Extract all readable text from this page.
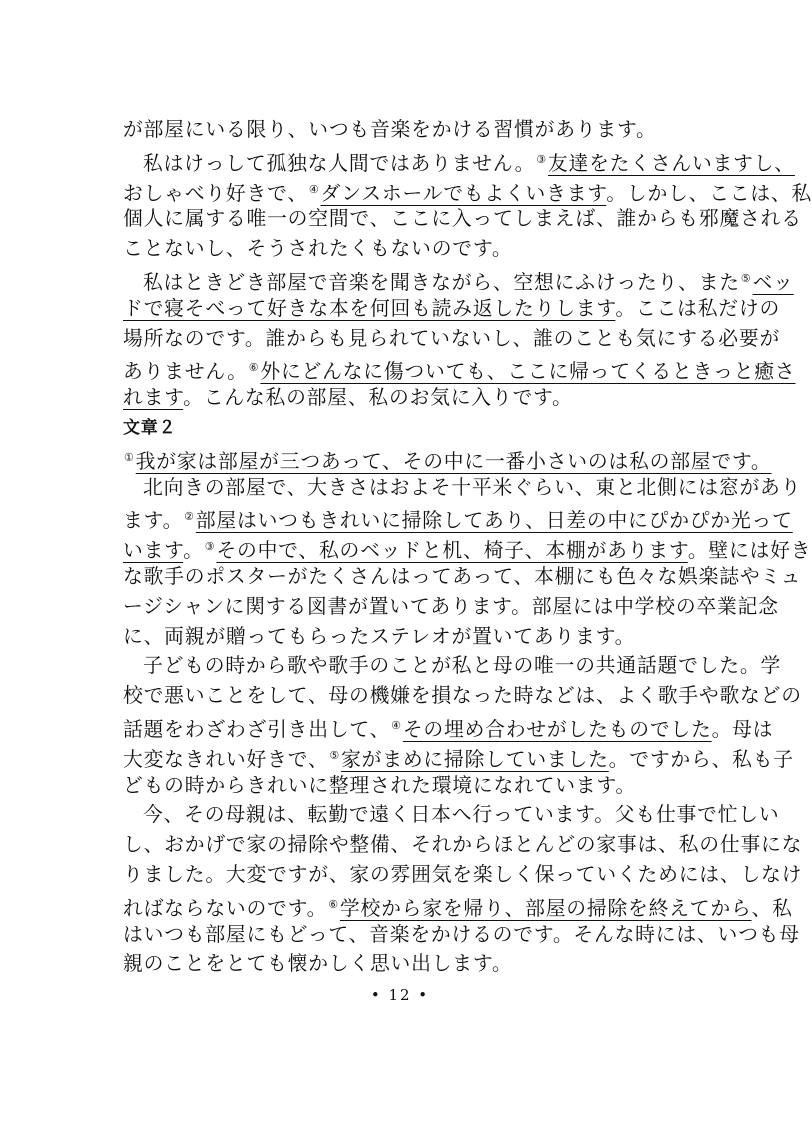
が部屋にいる限り、いつも音楽をかける習慣があります。
私はけっして孤独な人間ではありません。③友達をたくさんいますし、
おしゃべり好きで、④ダンスホールでもよくいきます。しかし、ここは、私
個人に属する唯一の空間で、ここに入ってしまえば、誰からも邪魔される
ことないし、そうされたくもないのです。
私はときどき部屋で音楽を聞きながら、空想にふけったり、また⑤ベッ
ドで寝そべって好きな本を何回も読み返したりします。ここは私だけの
場所なのです。誰からも見られていないし、誰のことも気にする必要が
ありません。⑥外にどんなに傷ついても、ここに帰ってくるときっと癒さ
れます。こんな私の部屋、私のお気に入りです。
文章２
①我が家は部屋が三つあって、その中に一番小さいのは私の部屋です。
北向きの部屋で、大きさはおよそ十平米ぐらい、東と北側には窓があり
ます。②部屋はいつもきれいに掃除してあり、日差の中にぴかぴか光って
います。③その中で、私のベッドと机、椅子、本棚があります。壁には好き
な歌手のポスターがたくさんはってあって、本棚にも色々な娯楽誌やミュ
ージシャンに関する図書が置いてあります。部屋には中学校の卒業記念
に、両親が贈ってもらったステレオが置いてあります。
子どもの時から歌や歌手のことが私と母の唯一の共通話題でした。学
校で悪いことをして、母の機嫌を損なった時などは、よく歌手や歌などの
話題をわざわざ引き出して、④その埋め合わせがしたものでした。母は
大変なきれい好きで、⑤家がまめに掃除していました。ですから、私も子
どもの時からきれいに整理された環境になれています。
今、その母親は、転勤で遠く日本へ行っています。父も仕事で忙しい
し、おかげで家の掃除や整備、それからほとんどの家事は、私の仕事にな
りました。大変ですが、家の雰囲気を楽しく保っていくためには、しなけ
ればならないのです。⑥学校から家を帰り、部屋の掃除を終えてから、私
はいつも部屋にもどって、音楽をかけるのです。そんな時には、いつも母
親のことをとても懐かしく思い出します。
• 12 •
